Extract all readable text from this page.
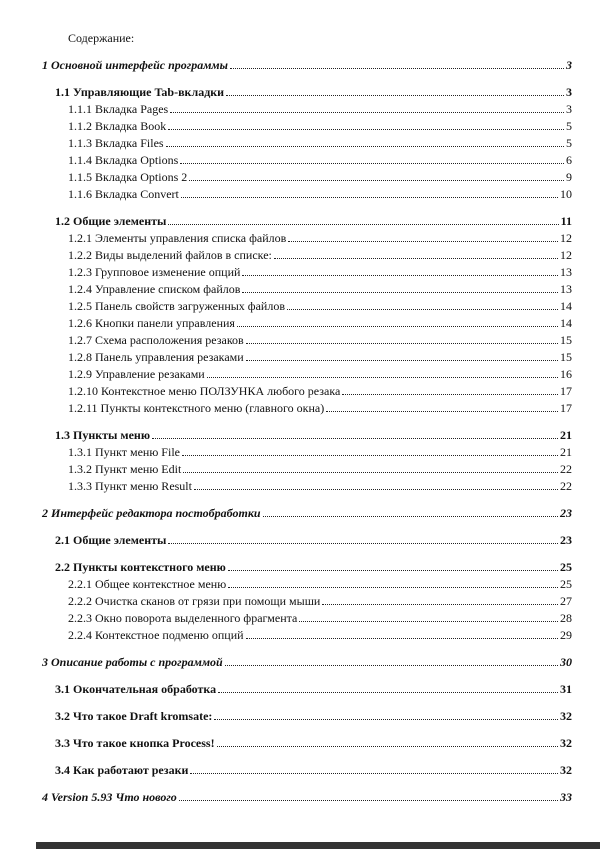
Содержание:
1 Основной интерфейс программы	3
1.1 Управляющие Tab-вкладки	3
1.1.1 Вкладка Pages	3
1.1.2 Вкладка Book	5
1.1.3 Вкладка Files	5
1.1.4 Вкладка Options	6
1.1.5 Вкладка Options 2	9
1.1.6 Вкладка Convert	10
1.2 Общие элементы	11
1.2.1 Элементы управления списка файлов	12
1.2.2 Виды выделений файлов в списке:	12
1.2.3 Групповое изменение опций	13
1.2.4 Управление списком файлов	13
1.2.5 Панель свойств загруженных файлов	14
1.2.6 Кнопки панели управления	14
1.2.7 Схема расположения резаков	15
1.2.8 Панель управления резаками	15
1.2.9 Управление резаками	16
1.2.10 Контекстное меню ПОЛЗУНКА любого резака	17
1.2.11 Пункты контекстного меню (главного окна)	17
1.3 Пункты меню	21
1.3.1 Пункт меню File	21
1.3.2 Пункт меню Edit	22
1.3.3 Пункт меню Result	22
2 Интерфейс редактора постобработки	23
2.1 Общие элементы	23
2.2 Пункты контекстного меню	25
2.2.1 Общее контекстное меню	25
2.2.2 Очистка сканов от грязи при помощи мыши	27
2.2.3 Окно поворота выделенного фрагмента	28
2.2.4 Контекстное подменю опций	29
3 Описание работы с программой	30
3.1 Окончательная обработка	31
3.2 Что такое Draft kromsate:	32
3.3 Что такое кнопка Process!	32
3.4 Как работают резаки	32
4 Version 5.93 Что нового	33
